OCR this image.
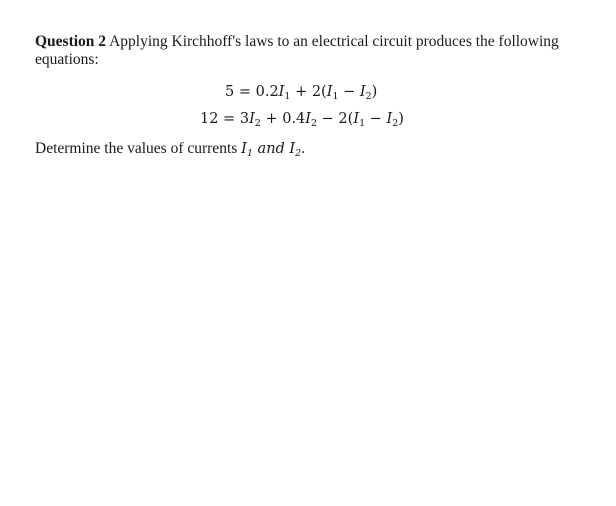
Question 2 Applying Kirchhoff's laws to an electrical circuit produces the following equations:

$5 = 0.2I_1 + 2(I_1 - I_2)$
$12 = 3I_2 + 0.4I_2 - 2(I_1 - I_2)$

Determine the values of currents $I_1$ and $I_2$.
